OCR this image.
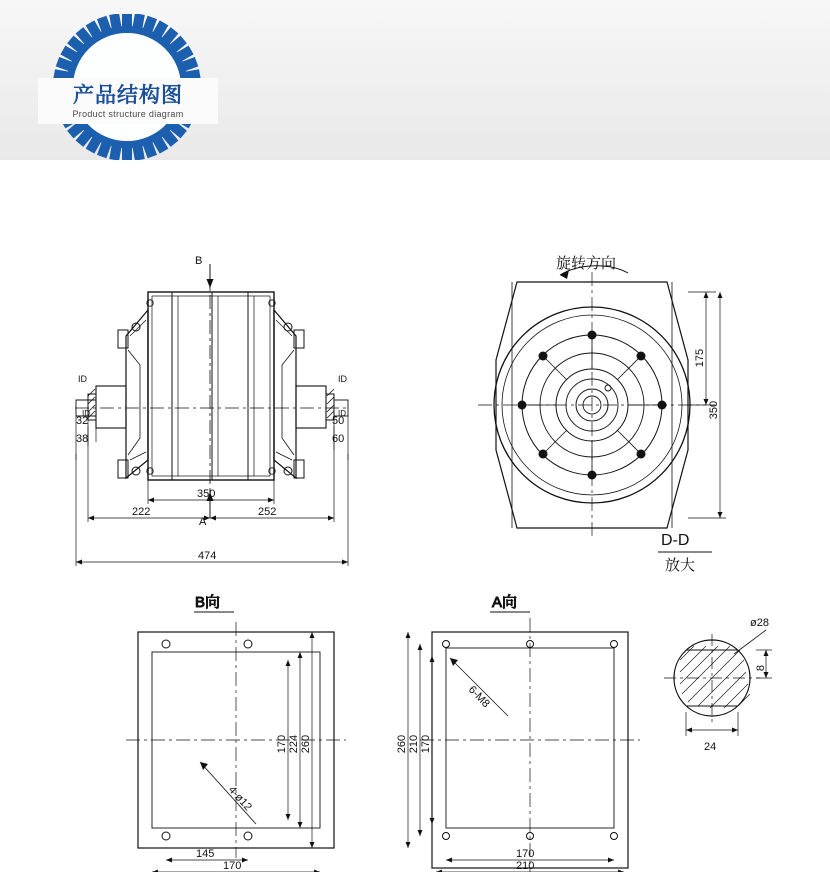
产品结构图
Product structure diagram
B
A
ID	ID
ID	ID
32
38
50
60
350
222	252
474
旋转方向
175
350
D-D
放大
B向
170 224 260
145
170
4-ø12
A向
260 210 170
170
210
6-M8
ø28
8
24
